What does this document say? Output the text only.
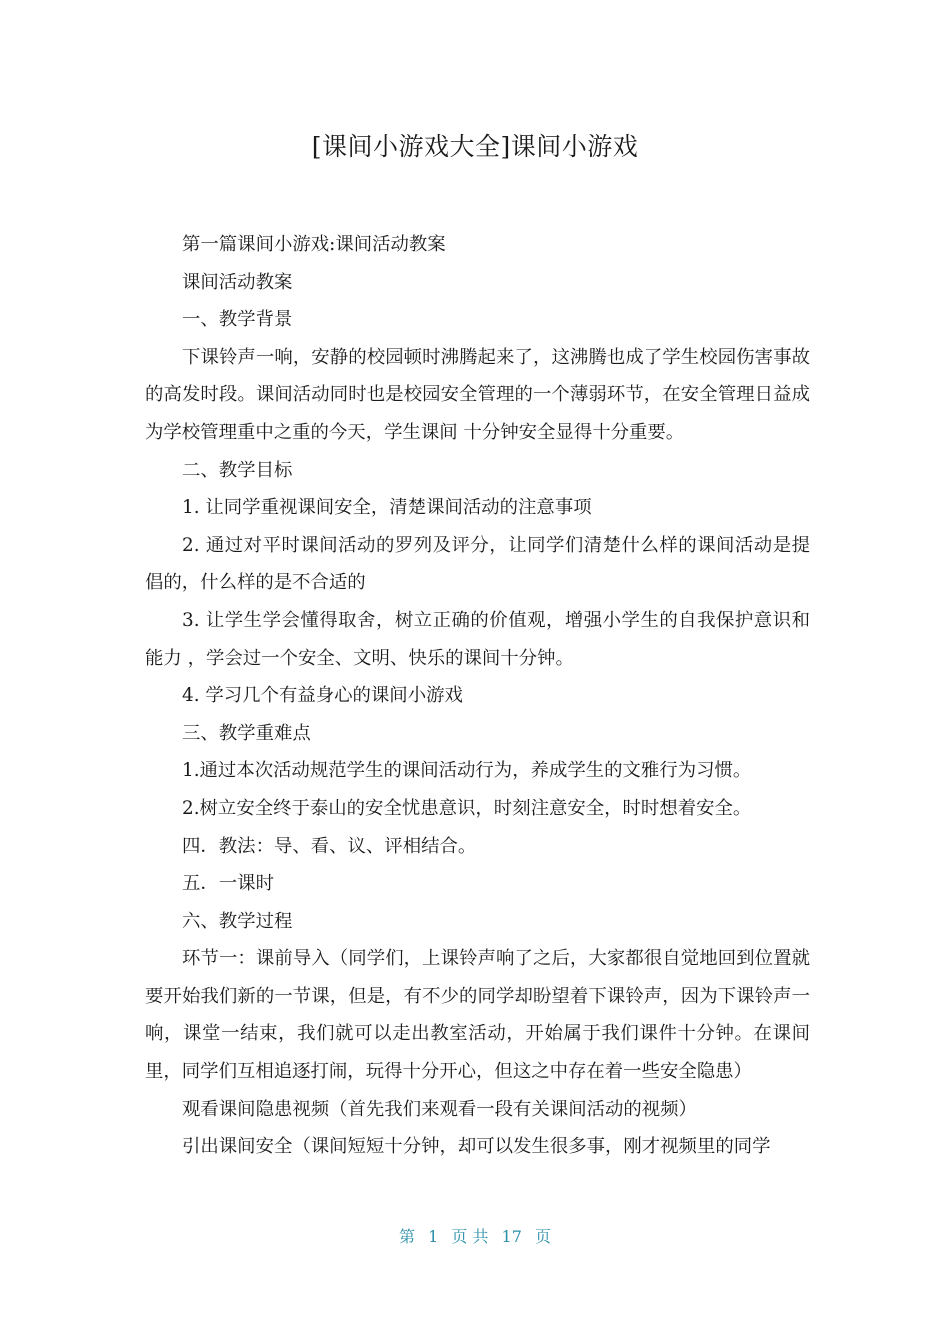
[课间小游戏大全]课间小游戏

第一篇课间小游戏:课间活动教案

课间活动教案

一、教学背景

下课铃声一响，安静的校园顿时沸腾起来了，这沸腾也成了学生校园伤害事故的高发时段。课间活动同时也是校园安全管理的一个薄弱环节，在安全管理日益成为学校管理重中之重的今天，学生课间 十分钟安全显得十分重要。

二、教学目标

1. 让同学重视课间安全，清楚课间活动的注意事项

2. 通过对平时课间活动的罗列及评分，让同学们清楚什么样的课间活动是提倡的，什么样的是不合适的

3. 让学生学会懂得取舍，树立正确的价值观，增强小学生的自我保护意识和能力 ，学会过一个安全、文明、快乐的课间十分钟。

4. 学习几个有益身心的课间小游戏

三、教学重难点

1.通过本次活动规范学生的课间活动行为，养成学生的文雅行为习惯。

2.树立安全终于泰山的安全忧患意识，时刻注意安全，时时想着安全。

四．教法：导、看、议、评相结合。

五．一课时

六、教学过程

环节一：课前导入（同学们，上课铃声响了之后，大家都很自觉地回到位置就要开始我们新的一节课，但是，有不少的同学却盼望着下课铃声，因为下课铃声一响，课堂一结束，我们就可以走出教室活动，开始属于我们课件十分钟。在课间里，同学们互相追逐打闹，玩得十分开心，但这之中存在着一些安全隐患）

观看课间隐患视频（首先我们来观看一段有关课间活动的视频）

引出课间安全（课间短短十分钟，却可以发生很多事，刚才视频里的同学

第 1 页 共 17 页
